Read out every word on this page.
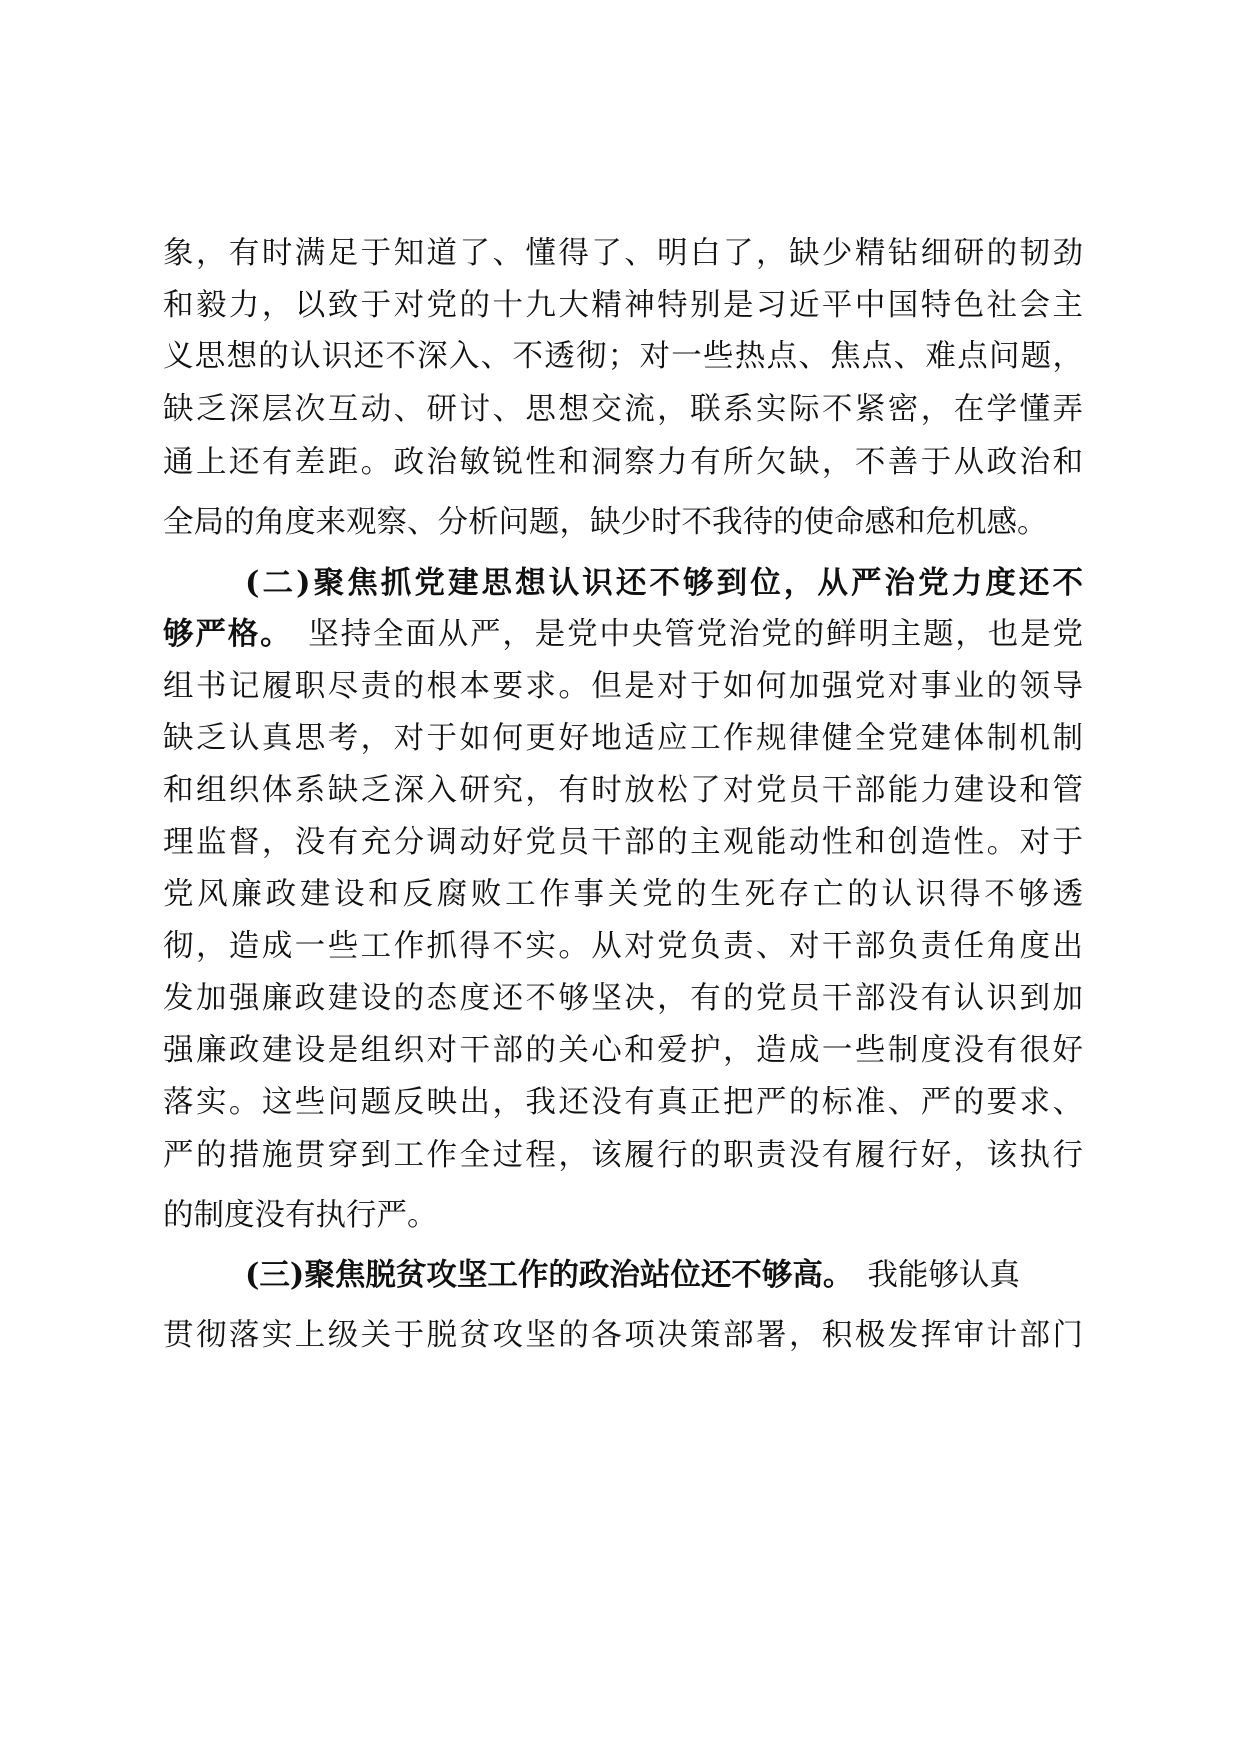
象，有时满足于知道了、懂得了、明白了，缺少精钻细研的韧劲
和毅力，以致于对党的十九大精神特别是习近平中国特色社会主
义思想的认识还不深入、不透彻；对一些热点、焦点、难点问题，
缺乏深层次互动、研讨、思想交流，联系实际不紧密，在学懂弄
通上还有差距。政治敏锐性和洞察力有所欠缺，不善于从政治和
全局的角度来观察、分析问题，缺少时不我待的使命感和危机感。
(二)聚焦抓党建思想认识还不够到位，从严治党力度还不
够严格。 坚持全面从严，是党中央管党治党的鲜明主题，也是党
组书记履职尽责的根本要求。但是对于如何加强党对事业的领导
缺乏认真思考，对于如何更好地适应工作规律健全党建体制机制
和组织体系缺乏深入研究，有时放松了对党员干部能力建设和管
理监督，没有充分调动好党员干部的主观能动性和创造性。对于
党风廉政建设和反腐败工作事关党的生死存亡的认识得不够透
彻，造成一些工作抓得不实。从对党负责、对干部负责任角度出
发加强廉政建设的态度还不够坚决，有的党员干部没有认识到加
强廉政建设是组织对干部的关心和爱护，造成一些制度没有很好
落实。这些问题反映出，我还没有真正把严的标准、严的要求、
严的措施贯穿到工作全过程，该履行的职责没有履行好，该执行
的制度没有执行严。
(三)聚焦脱贫攻坚工作的政治站位还不够高。 我能够认真
贯彻落实上级关于脱贫攻坚的各项决策部署，积极发挥审计部门
